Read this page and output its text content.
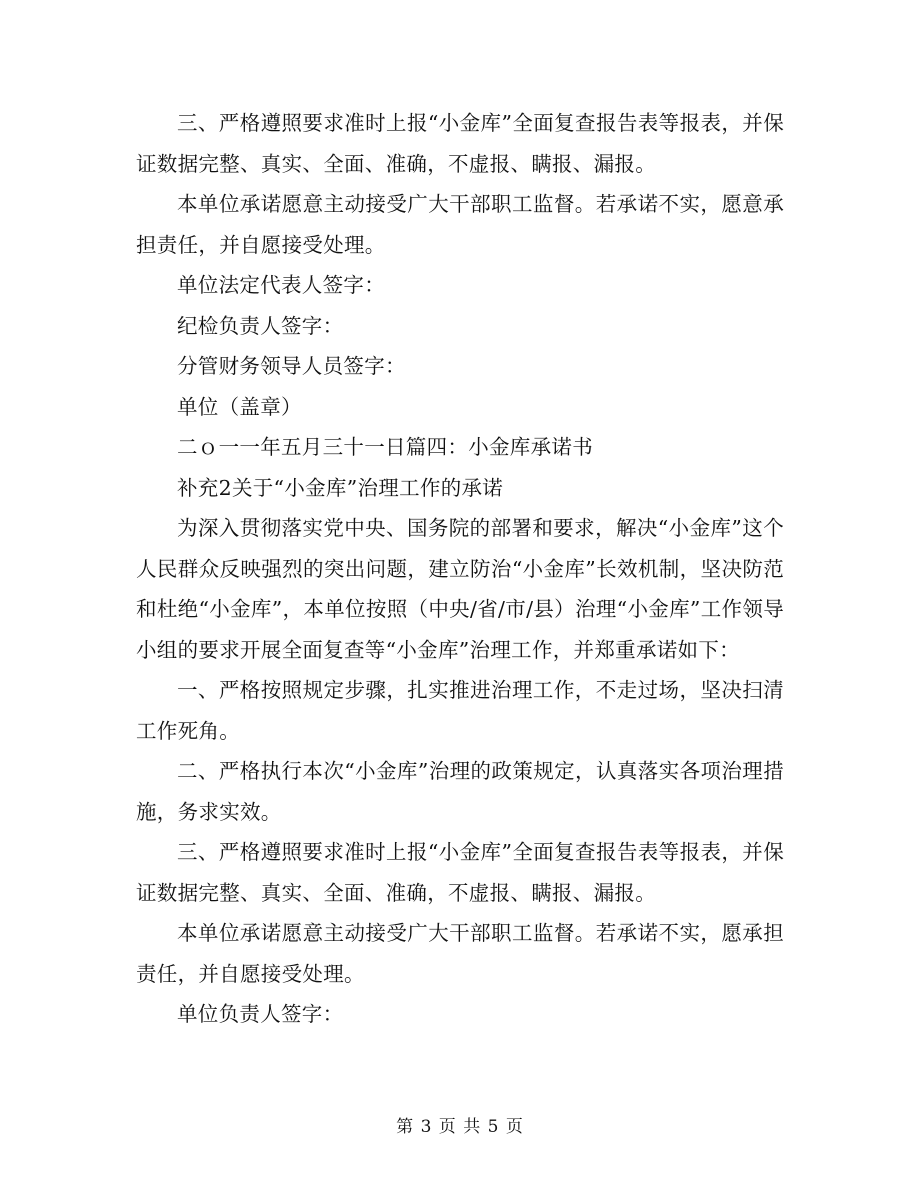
三、严格遵照要求准时上报“小金库”全面复查报告表等报表，并保证数据完整、真实、全面、准确，不虚报、瞒报、漏报。

本单位承诺愿意主动接受广大干部职工监督。若承诺不实，愿意承担责任，并自愿接受处理。

单位法定代表人签字：

纪检负责人签字：

分管财务领导人员签字：

单位（盖章）

二ｏ一一年五月三十一日篇四：小金库承诺书

补充2关于“小金库”治理工作的承诺

为深入贯彻落实党中央、国务院的部署和要求，解决“小金库”这个人民群众反映强烈的突出问题，建立防治“小金库”长效机制，坚决防范和杜绝“小金库”，本单位按照（中央/省/市/县）治理“小金库”工作领导小组的要求开展全面复查等“小金库”治理工作，并郑重承诺如下：

一、严格按照规定步骤，扎实推进治理工作，不走过场，坚决扫清工作死角。

二、严格执行本次“小金库”治理的政策规定，认真落实各项治理措施，务求实效。

三、严格遵照要求准时上报“小金库”全面复查报告表等报表，并保证数据完整、真实、全面、准确，不虚报、瞒报、漏报。

本单位承诺愿意主动接受广大干部职工监督。若承诺不实，愿承担责任，并自愿接受处理。

单位负责人签字：

第 3 页 共 5 页
